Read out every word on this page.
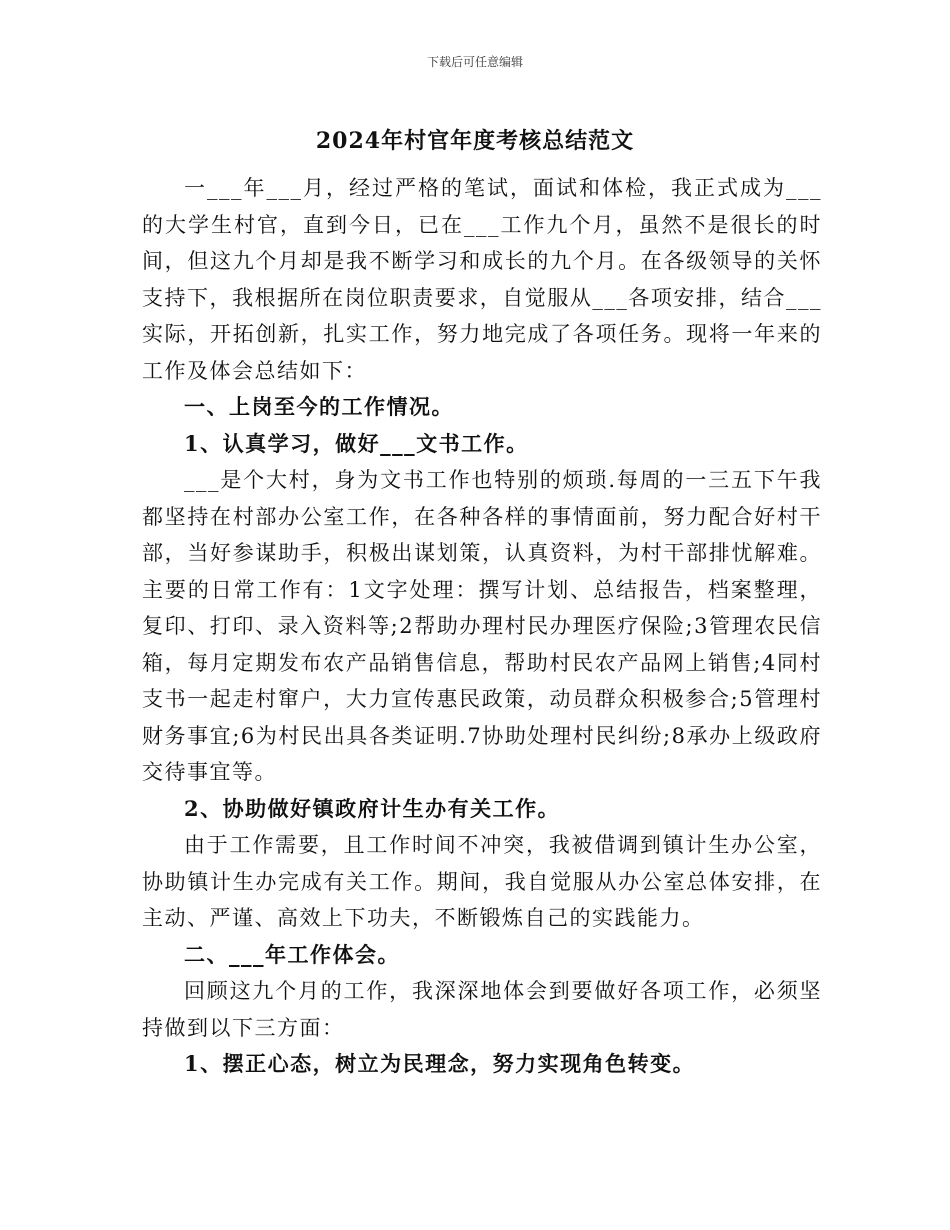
下载后可任意编辑
2024年村官年度考核总结范文

一___年___月，经过严格的笔试，面试和体检，我正式成为___的大学生村官，直到今日，已在___工作九个月，虽然不是很长的时间，但这九个月却是我不断学习和成长的九个月。在各级领导的关怀支持下，我根据所在岗位职责要求，自觉服从___各项安排，结合___实际，开拓创新，扎实工作，努力地完成了各项任务。现将一年来的工作及体会总结如下：

一、上岗至今的工作情况。

1、认真学习，做好___文书工作。

___是个大村，身为文书工作也特别的烦琐.每周的一三五下午我都坚持在村部办公室工作，在各种各样的事情面前，努力配合好村干部，当好参谋助手，积极出谋划策，认真资料，为村干部排忧解难。主要的日常工作有：1文字处理：撰写计划、总结报告，档案整理，复印、打印、录入资料等;2帮助办理村民办理医疗保险;3管理农民信箱，每月定期发布农产品销售信息，帮助村民农产品网上销售;4同村支书一起走村窜户，大力宣传惠民政策，动员群众积极参合;5管理村财务事宜;6为村民出具各类证明.7协助处理村民纠纷;8承办上级政府交待事宜等。

2、协助做好镇政府计生办有关工作。

由于工作需要，且工作时间不冲突，我被借调到镇计生办公室，协助镇计生办完成有关工作。期间，我自觉服从办公室总体安排，在主动、严谨、高效上下功夫，不断锻炼自己的实践能力。

二、___年工作体会。

回顾这九个月的工作，我深深地体会到要做好各项工作，必须坚持做到以下三方面：

1、摆正心态，树立为民理念，努力实现角色转变。
